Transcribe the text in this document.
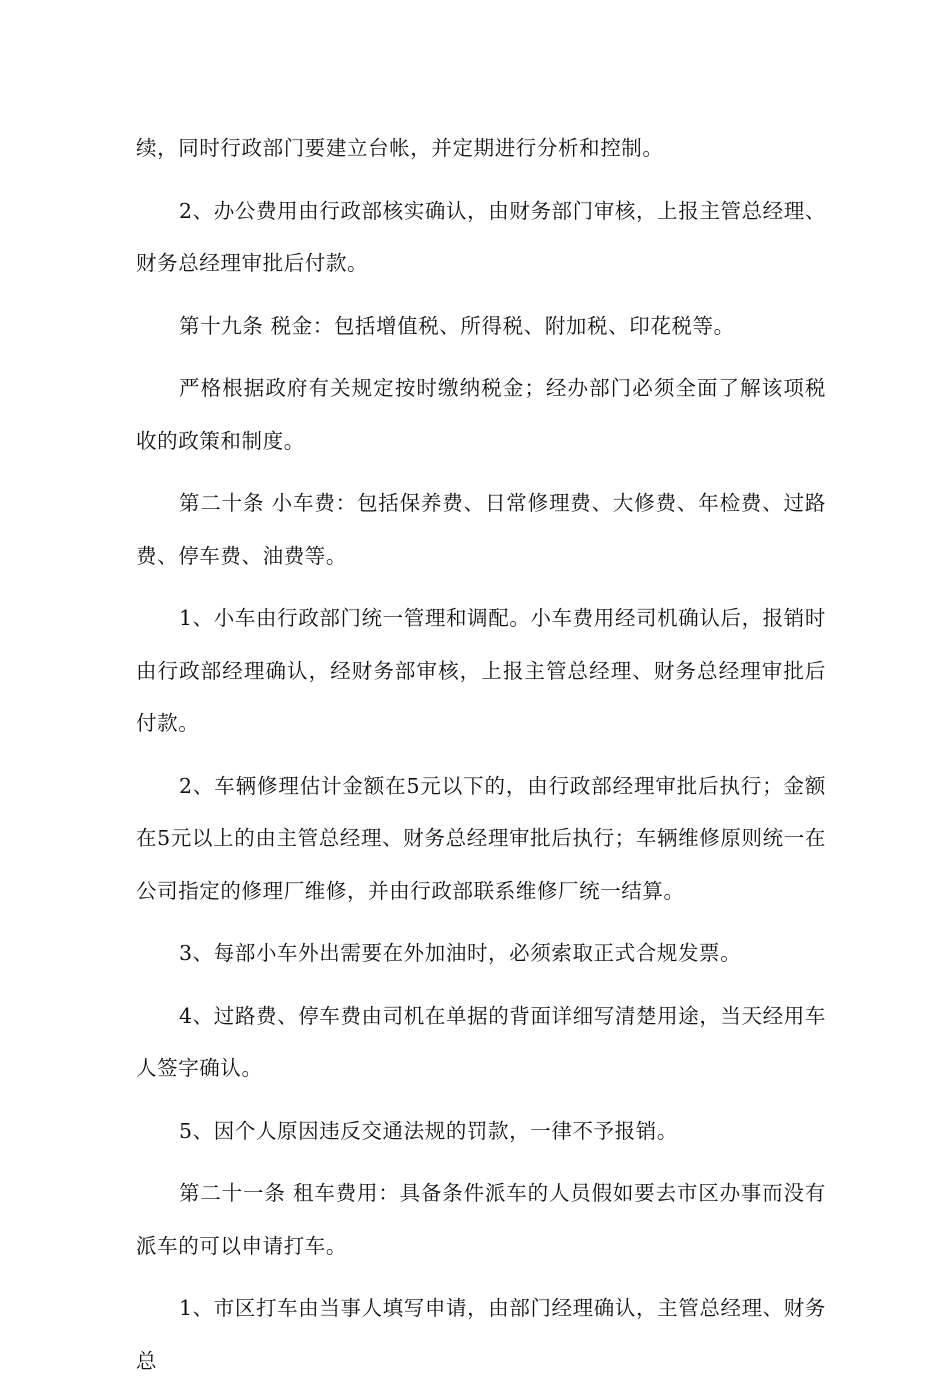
续，同时行政部门要建立台帐，并定期进行分析和控制。

2、办公费用由行政部核实确认，由财务部门审核，上报主管总经理、财务总经理审批后付款。

第十九条 税金：包括增值税、所得税、附加税、印花税等。

严格根据政府有关规定按时缴纳税金；经办部门必须全面了解该项税收的政策和制度。

第二十条 小车费：包括保养费、日常修理费、大修费、年检费、过路费、停车费、油费等。

1、小车由行政部门统一管理和调配。小车费用经司机确认后，报销时由行政部经理确认，经财务部审核，上报主管总经理、财务总经理审批后付款。

2、车辆修理估计金额在5元以下的，由行政部经理审批后执行；金额在5元以上的由主管总经理、财务总经理审批后执行；车辆维修原则统一在公司指定的修理厂维修，并由行政部联系维修厂统一结算。

3、每部小车外出需要在外加油时，必须索取正式合规发票。

4、过路费、停车费由司机在单据的背面详细写清楚用途，当天经用车人签字确认。

5、因个人原因违反交通法规的罚款，一律不予报销。

第二十一条 租车费用：具备条件派车的人员假如要去市区办事而没有派车的可以申请打车。

1、市区打车由当事人填写申请，由部门经理确认，主管总经理、财务总
